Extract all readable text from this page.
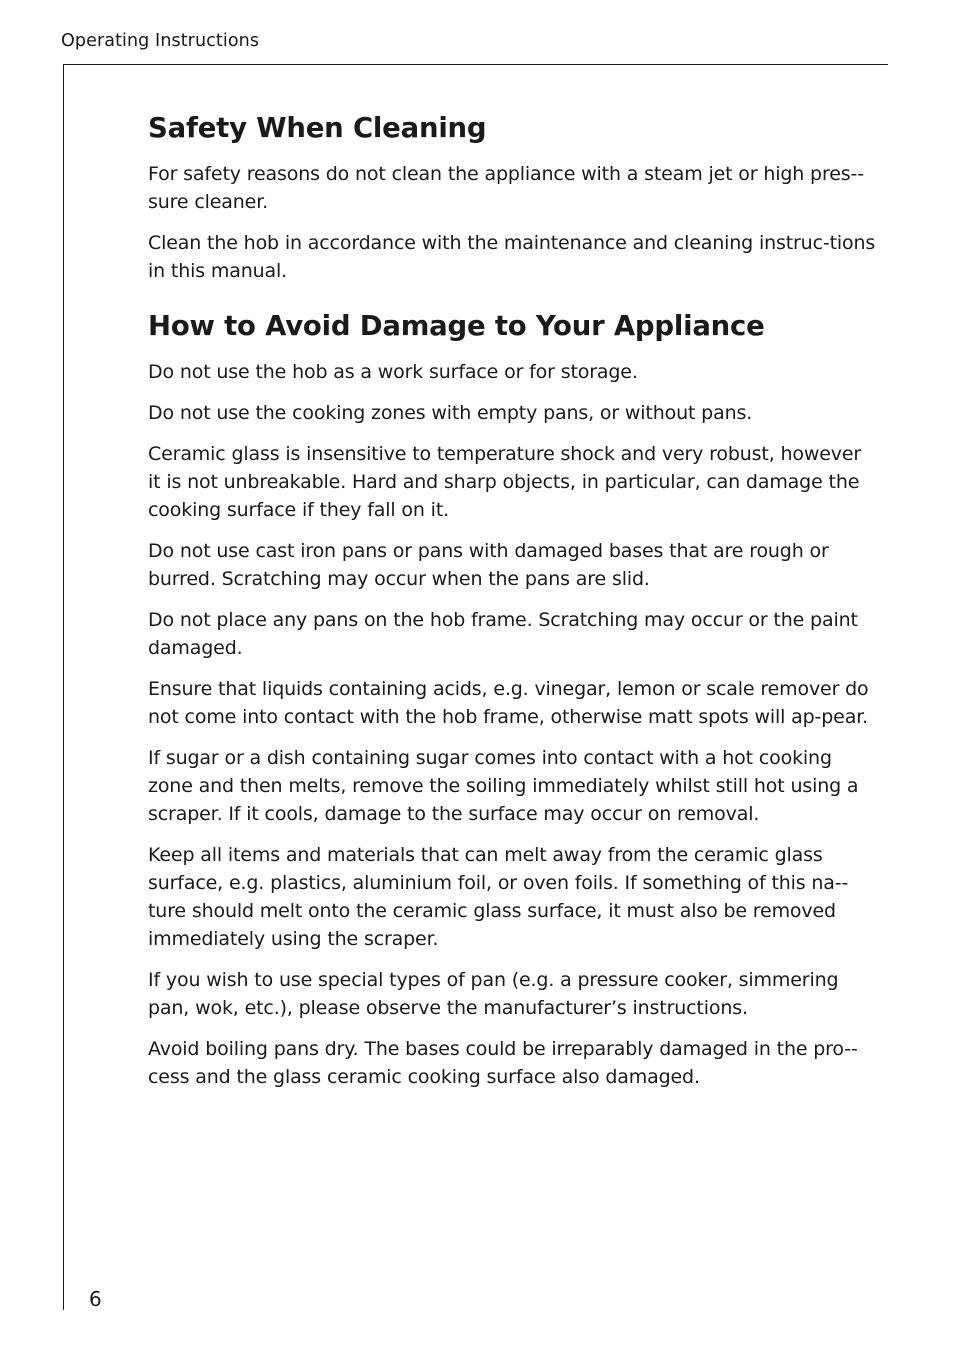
Operating Instructions
Safety When Cleaning

For safety reasons do not clean the appliance with a steam jet or high pres-sure cleaner.

Clean the hob in accordance with the maintenance and cleaning instruc-tions in this manual.

How to Avoid Damage to Your Appliance

Do not use the hob as a work surface or for storage.

Do not use the cooking zones with empty pans, or without pans.

Ceramic glass is insensitive to temperature shock and very robust, however it is not unbreakable. Hard and sharp objects, in particular, can damage the cooking surface if they fall on it.

Do not use cast iron pans or pans with damaged bases that are rough or burred. Scratching may occur when the pans are slid.

Do not place any pans on the hob frame. Scratching may occur or the paint damaged.

Ensure that liquids containing acids, e.g. vinegar, lemon or scale remover do not come into contact with the hob frame, otherwise matt spots will ap-pear.

If sugar or a dish containing sugar comes into contact with a hot cooking zone and then melts, remove the soiling immediately whilst still hot using a scraper. If it cools, damage to the surface may occur on removal.

Keep all items and materials that can melt away from the ceramic glass surface, e.g. plastics, aluminium foil, or oven foils. If something of this na-ture should melt onto the ceramic glass surface, it must also be removed immediately using the scraper.

If you wish to use special types of pan (e.g. a pressure cooker, simmering pan, wok, etc.), please observe the manufacturer’s instructions.

Avoid boiling pans dry. The bases could be irreparably damaged in the pro-cess and the glass ceramic cooking surface also damaged.

6
